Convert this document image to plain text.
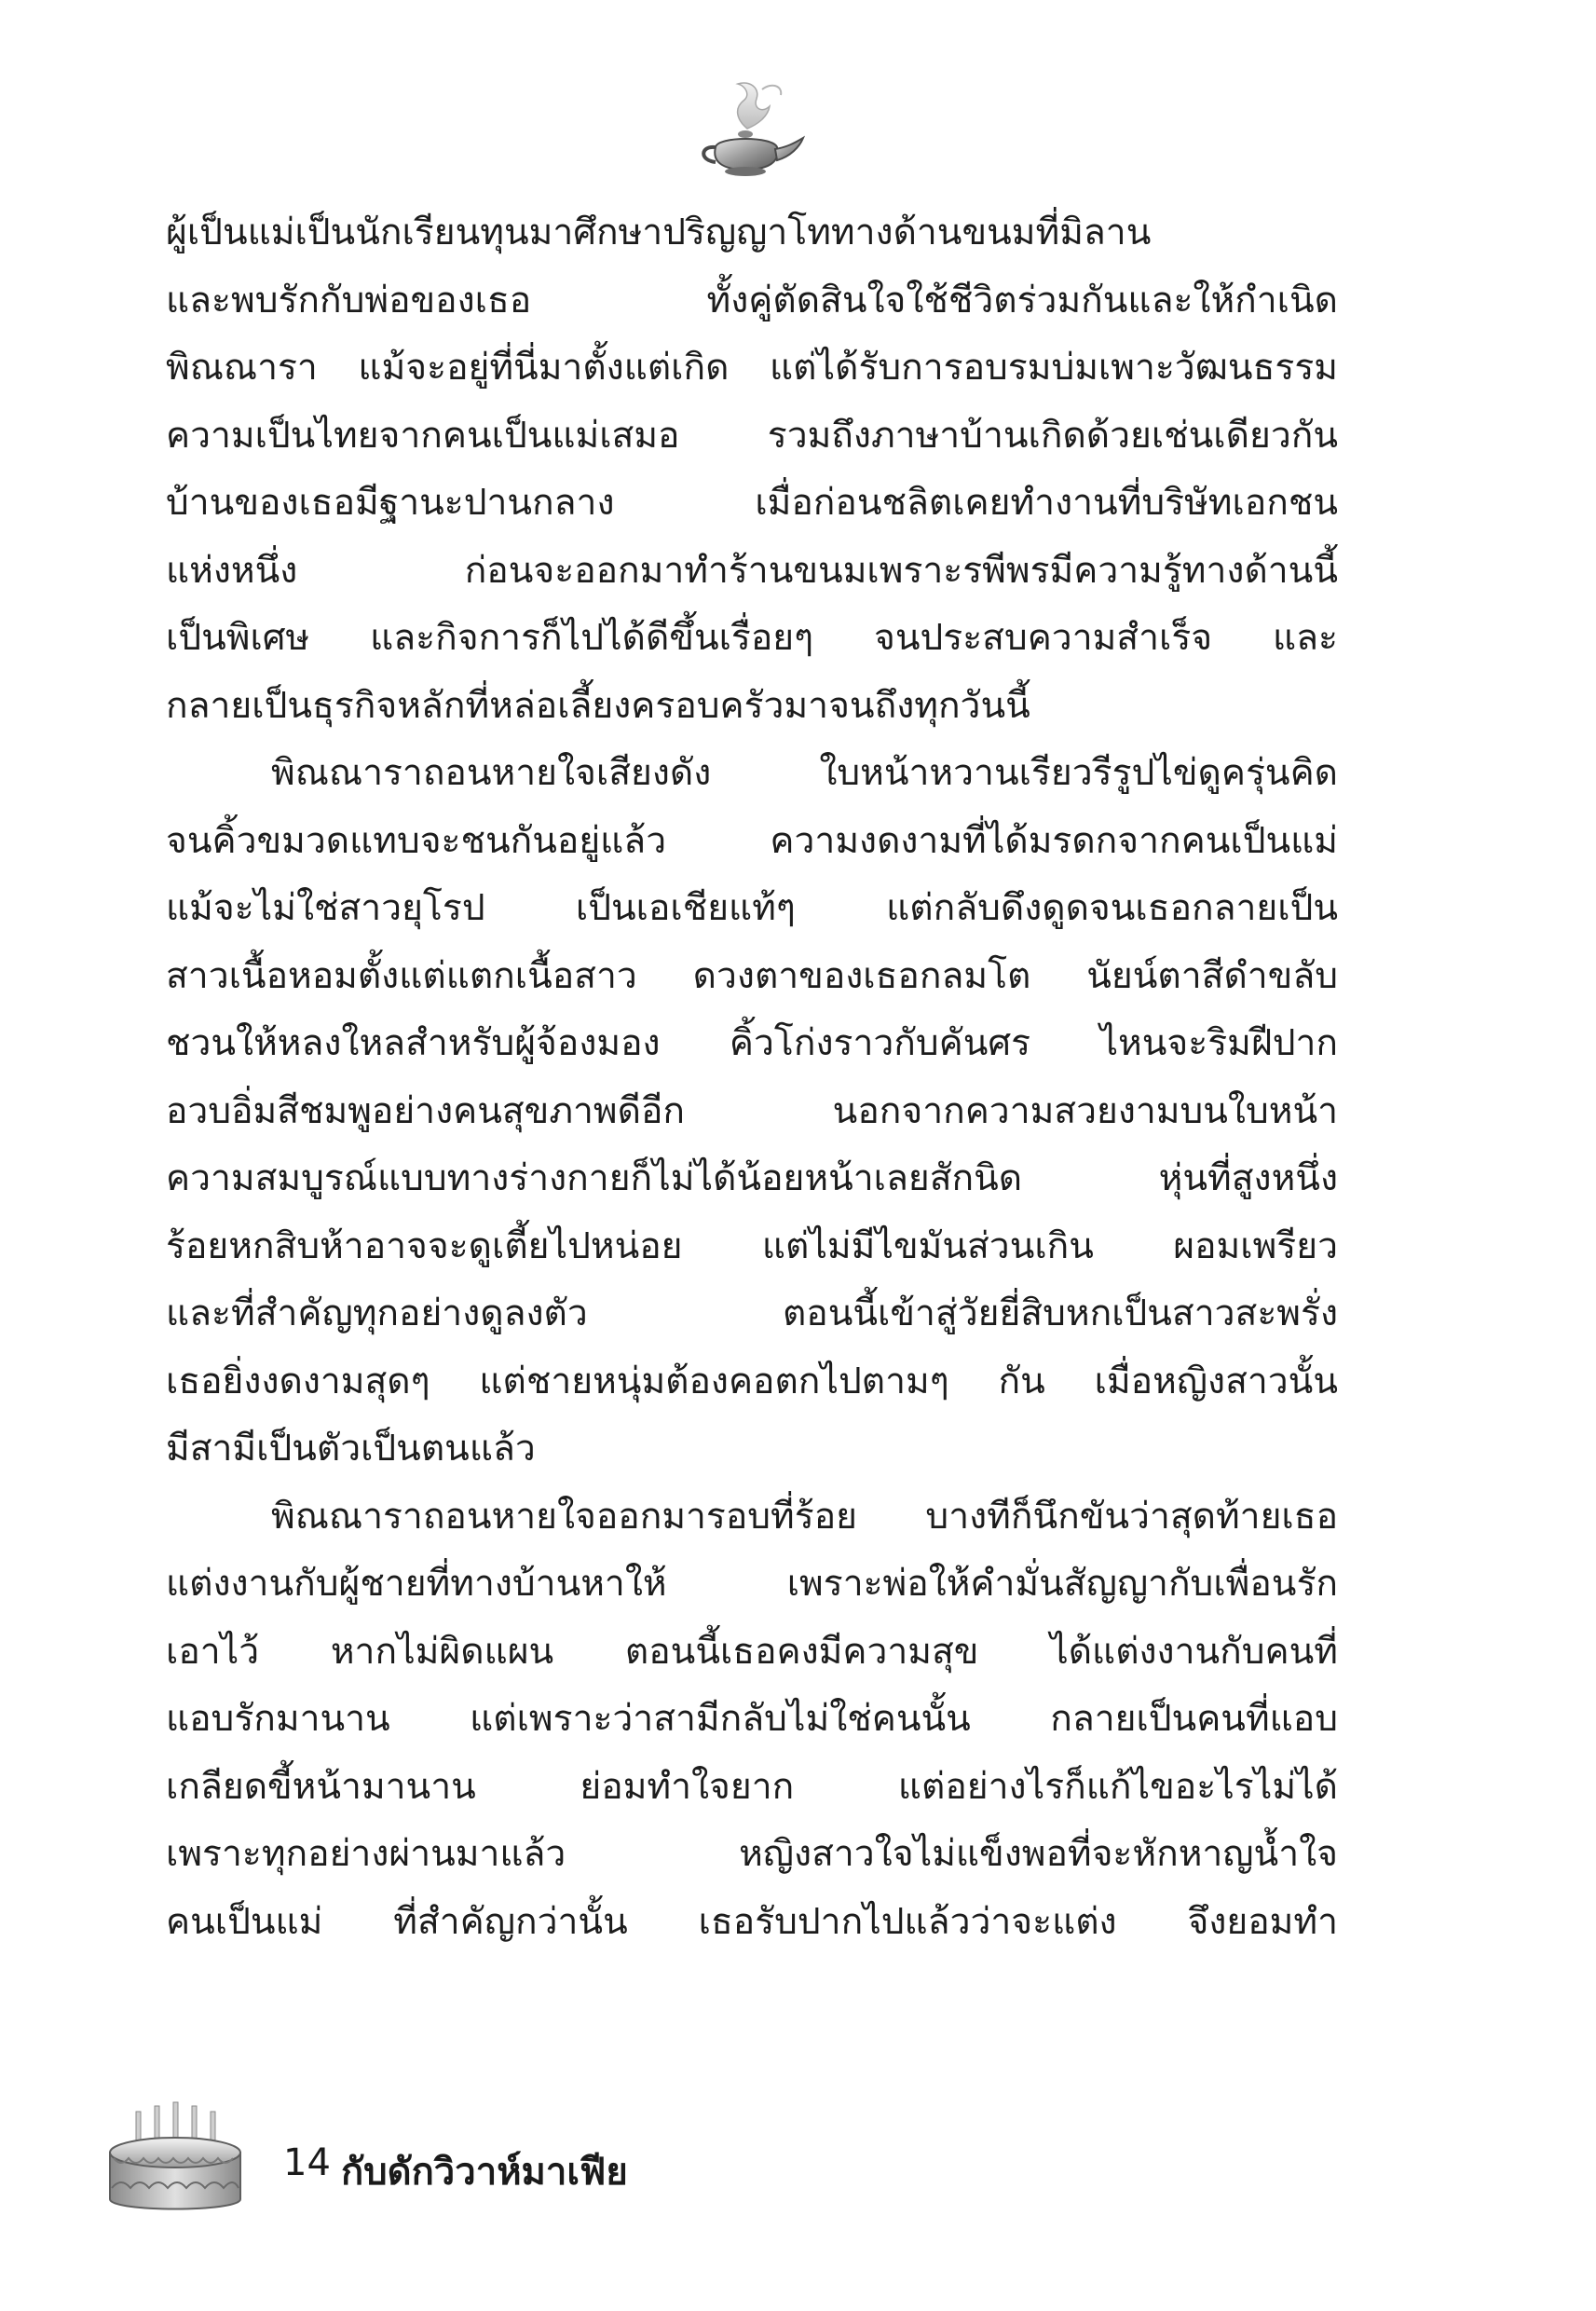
ผู้เป็นแม่เป็นนักเรียนทุนมาศึกษาปริญญาโททางด้านขนมที่มิลาน
และพบรักกับพ่อของเธอ ทั้งคู่ตัดสินใจใช้ชีวิตร่วมกันและให้กำเนิด
พิณณารา แม้จะอยู่ที่นี่มาตั้งแต่เกิด แต่ได้รับการอบรมบ่มเพาะวัฒนธรรม
ความเป็นไทยจากคนเป็นแม่เสมอ รวมถึงภาษาบ้านเกิดด้วยเช่นเดียวกัน
บ้านของเธอมีฐานะปานกลาง เมื่อก่อนชลิตเคยทำงานที่บริษัทเอกชน
แห่งหนึ่ง ก่อนจะออกมาทำร้านขนมเพราะรพีพรมีความรู้ทางด้านนี้
เป็นพิเศษ และกิจการก็ไปได้ดีขึ้นเรื่อยๆ จนประสบความสำเร็จ และ
กลายเป็นธุรกิจหลักที่หล่อเลี้ยงครอบครัวมาจนถึงทุกวันนี้
พิณณาราถอนหายใจเสียงดัง ใบหน้าหวานเรียวรีรูปไข่ดูครุ่นคิด
จนคิ้วขมวดแทบจะชนกันอยู่แล้ว ความงดงามที่ได้มรดกจากคนเป็นแม่
แม้จะไม่ใช่สาวยุโรป เป็นเอเชียแท้ๆ แต่กลับดึงดูดจนเธอกลายเป็น
สาวเนื้อหอมตั้งแต่แตกเนื้อสาว ดวงตาของเธอกลมโต นัยน์ตาสีดำขลับ
ชวนให้หลงใหลสำหรับผู้จ้องมอง คิ้วโก่งราวกับคันศร ไหนจะริมฝีปาก
อวบอิ่มสีชมพูอย่างคนสุขภาพดีอีก นอกจากความสวยงามบนใบหน้า
ความสมบูรณ์แบบทางร่างกายก็ไม่ได้น้อยหน้าเลยสักนิด หุ่นที่สูงหนึ่ง
ร้อยหกสิบห้าอาจจะดูเตี้ยไปหน่อย แต่ไม่มีไขมันส่วนเกิน ผอมเพรียว
และที่สำคัญทุกอย่างดูลงตัว ตอนนี้เข้าสู่วัยยี่สิบหกเป็นสาวสะพรั่ง
เธอยิ่งงดงามสุดๆ แต่ชายหนุ่มต้องคอตกไปตามๆ กัน เมื่อหญิงสาวนั้น
มีสามีเป็นตัวเป็นตนแล้ว
พิณณาราถอนหายใจออกมารอบที่ร้อย บางทีก็นึกขันว่าสุดท้ายเธอ
แต่งงานกับผู้ชายที่ทางบ้านหาให้ เพราะพ่อให้คำมั่นสัญญากับเพื่อนรัก
เอาไว้ หากไม่ผิดแผน ตอนนี้เธอคงมีความสุข ได้แต่งงานกับคนที่
แอบรักมานาน แต่เพราะว่าสามีกลับไม่ใช่คนนั้น กลายเป็นคนที่แอบ
เกลียดขี้หน้ามานาน ย่อมทำใจยาก แต่อย่างไรก็แก้ไขอะไรไม่ได้
เพราะทุกอย่างผ่านมาแล้ว หญิงสาวใจไม่แข็งพอที่จะหักหาญน้ำใจ
คนเป็นแม่ ที่สำคัญกว่านั้น เธอรับปากไปแล้วว่าจะแต่ง จึงยอมทำ
14 กับดักวิวาห์มาเฟีย
